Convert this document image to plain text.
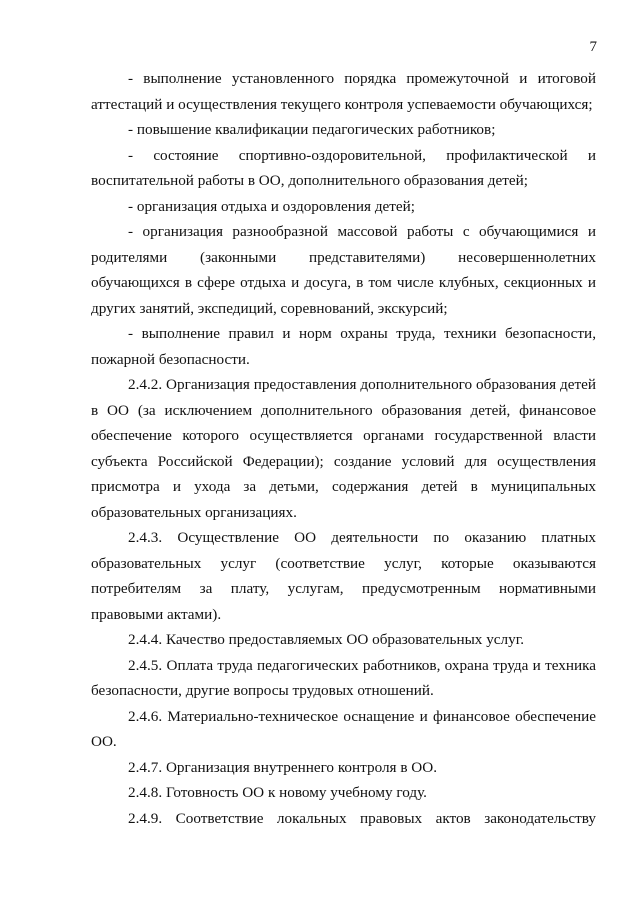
7

- выполнение установленного порядка промежуточной и итоговой аттестаций и осуществления текущего контроля успеваемости обучающихся;

- повышение квалификации педагогических работников;

- состояние спортивно-оздоровительной, профилактической и воспитательной работы в ОО, дополнительного образования детей;

- организация отдыха и оздоровления детей;

- организация разнообразной массовой работы с обучающимися и родителями (законными представителями) несовершеннолетних обучающихся в сфере отдыха и досуга, в том числе клубных, секционных и других занятий, экспедиций, соревнований, экскурсий;

- выполнение правил и норм охраны труда, техники безопасности, пожарной безопасности.

2.4.2. Организация предоставления дополнительного образования детей в ОО (за исключением дополнительного образования детей, финансовое обеспечение которого осуществляется органами государственной власти субъекта Российской Федерации); создание условий для осуществления присмотра и ухода за детьми, содержания детей в муниципальных образовательных организациях.

2.4.3. Осуществление ОО деятельности по оказанию платных образовательных услуг (соответствие услуг, которые оказываются потребителям за плату, услугам, предусмотренным нормативными правовыми актами).

2.4.4. Качество предоставляемых ОО образовательных услуг.

2.4.5. Оплата труда педагогических работников, охрана труда и техника безопасности, другие вопросы трудовых отношений.

2.4.6. Материально-техническое оснащение и финансовое обеспечение ОО.

2.4.7. Организация внутреннего контроля в ОО.

2.4.8. Готовность ОО к новому учебному году.

2.4.9. Соответствие локальных правовых актов законодательству
